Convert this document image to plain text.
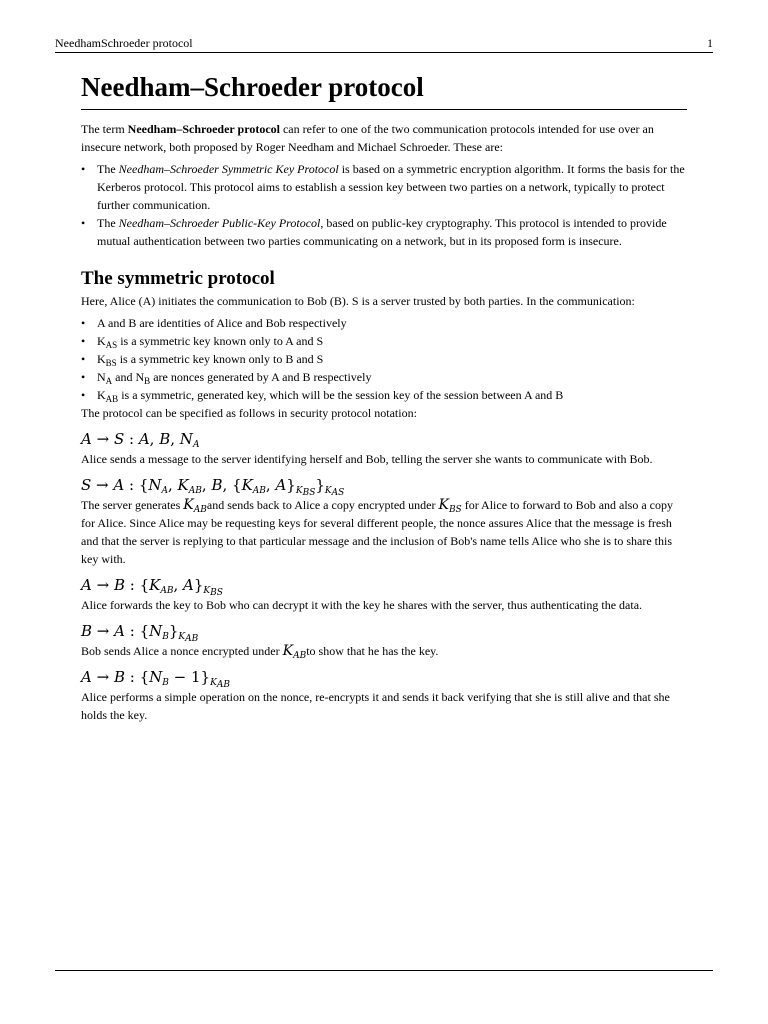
NeedhamSchroeder protocol	1
Needham–Schroeder protocol

The term Needham–Schroeder protocol can refer to one of the two communication protocols intended for use over an insecure network, both proposed by Roger Needham and Michael Schroeder. These are:

• The Needham–Schroeder Symmetric Key Protocol is based on a symmetric encryption algorithm. It forms the basis for the Kerberos protocol. This protocol aims to establish a session key between two parties on a network, typically to protect further communication.
• The Needham–Schroeder Public-Key Protocol, based on public-key cryptography. This protocol is intended to provide mutual authentication between two parties communicating on a network, but in its proposed form is insecure.
The symmetric protocol

Here, Alice (A) initiates the communication to Bob (B). S is a server trusted by both parties. In the communication:

• A and B are identities of Alice and Bob respectively
• $K_{AS}$ is a symmetric key known only to A and S
• $K_{BS}$ is a symmetric key known only to B and S
• $N_A$ and $N_B$ are nonces generated by A and B respectively
• $K_{AB}$ is a symmetric, generated key, which will be the session key of the session between A and B

The protocol can be specified as follows in security protocol notation:

A → S : A, B, $N_A$

Alice sends a message to the server identifying herself and Bob, telling the server she wants to communicate with Bob.

S → A : {$N_A$, $K_{AB}$, B, {$K_{AB}$, $A\}_{K_{BS}}\}_{K_{AS}}$

The server generates $K_{AB}and$ sends back to Alice a copy encrypted under $K_{BS}$ for Alice to forward to Bob and also a copy for Alice. Since Alice may be requesting keys for several different people, the nonce assures Alice that the message is fresh and that the server is replying to that particular message and the inclusion of Bob's name tells Alice who she is to share this key with.

A → B : {$K_{AB}$, $A\}_{K_{BS}}$

Alice forwards the key to Bob who can decrypt it with the key he shares with the server, thus authenticating the data.

B → A : $\{N_B\}_{K_{AB}}$

Bob sends Alice a nonce encrypted under $K_{AB}to$ show that he has the key.

A → B : $\{N_B - 1\}_{K_{AB}}$

Alice performs a simple operation on the nonce, re-encrypts it and sends it back verifying that she is still alive and that she holds the key.
